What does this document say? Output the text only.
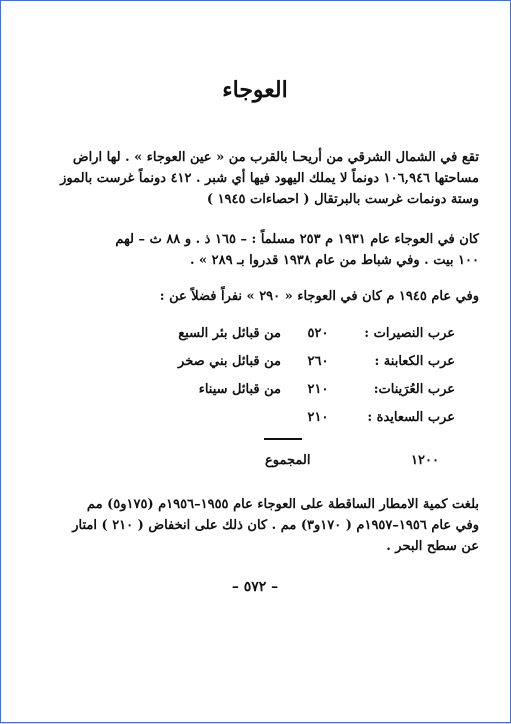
العوجاء
تقع في الشمال الشرقي من أريحـا بالقرب من « عين العوجاء » . لها اراض
مساحتها ١٠٦,٩٤٦ دونماً لا يملك اليهود فيها أي شبر . ٤١٢ دونماً غرست بالموز
وستة دونمات غرست بالبرتقال ( احصاءات ١٩٤٥ )
كان في العوجاء عام ١٩٣١ م ٢٥٣ مسلماً : – ١٦٥ ذ . و ٨٨ ث – لهم
١٠٠ بيت . وفي شباط من عام ١٩٣٨ قدروا بـ ٢٨٩ » .
وفي عام ١٩٤٥ م كان في العوجاء « ٢٩٠ » نفراً فضلاً عن :
عرب النصيرات :
٥٢٠
من قبائل بئر السبع
عرب الكعابنة :
٢٦٠
من قبائل بني صخر
عرب العُرَينات:
٢١٠
من قبائل سيناء
عرب السعايدة :
٢١٠
١٢٠٠
المجموع
بلغت كمية الامطار الساقطة على العوجاء عام ١٩٥٥–١٩٥٦م (١٧٥و٥) مم
وفي عام ١٩٥٦–١٩٥٧م ( ١٧٠و٣) مم . كان ذلك على انخفاض ( ٢١٠ ) امتار
عن سطح البحر .
– ٥٧٢ –
